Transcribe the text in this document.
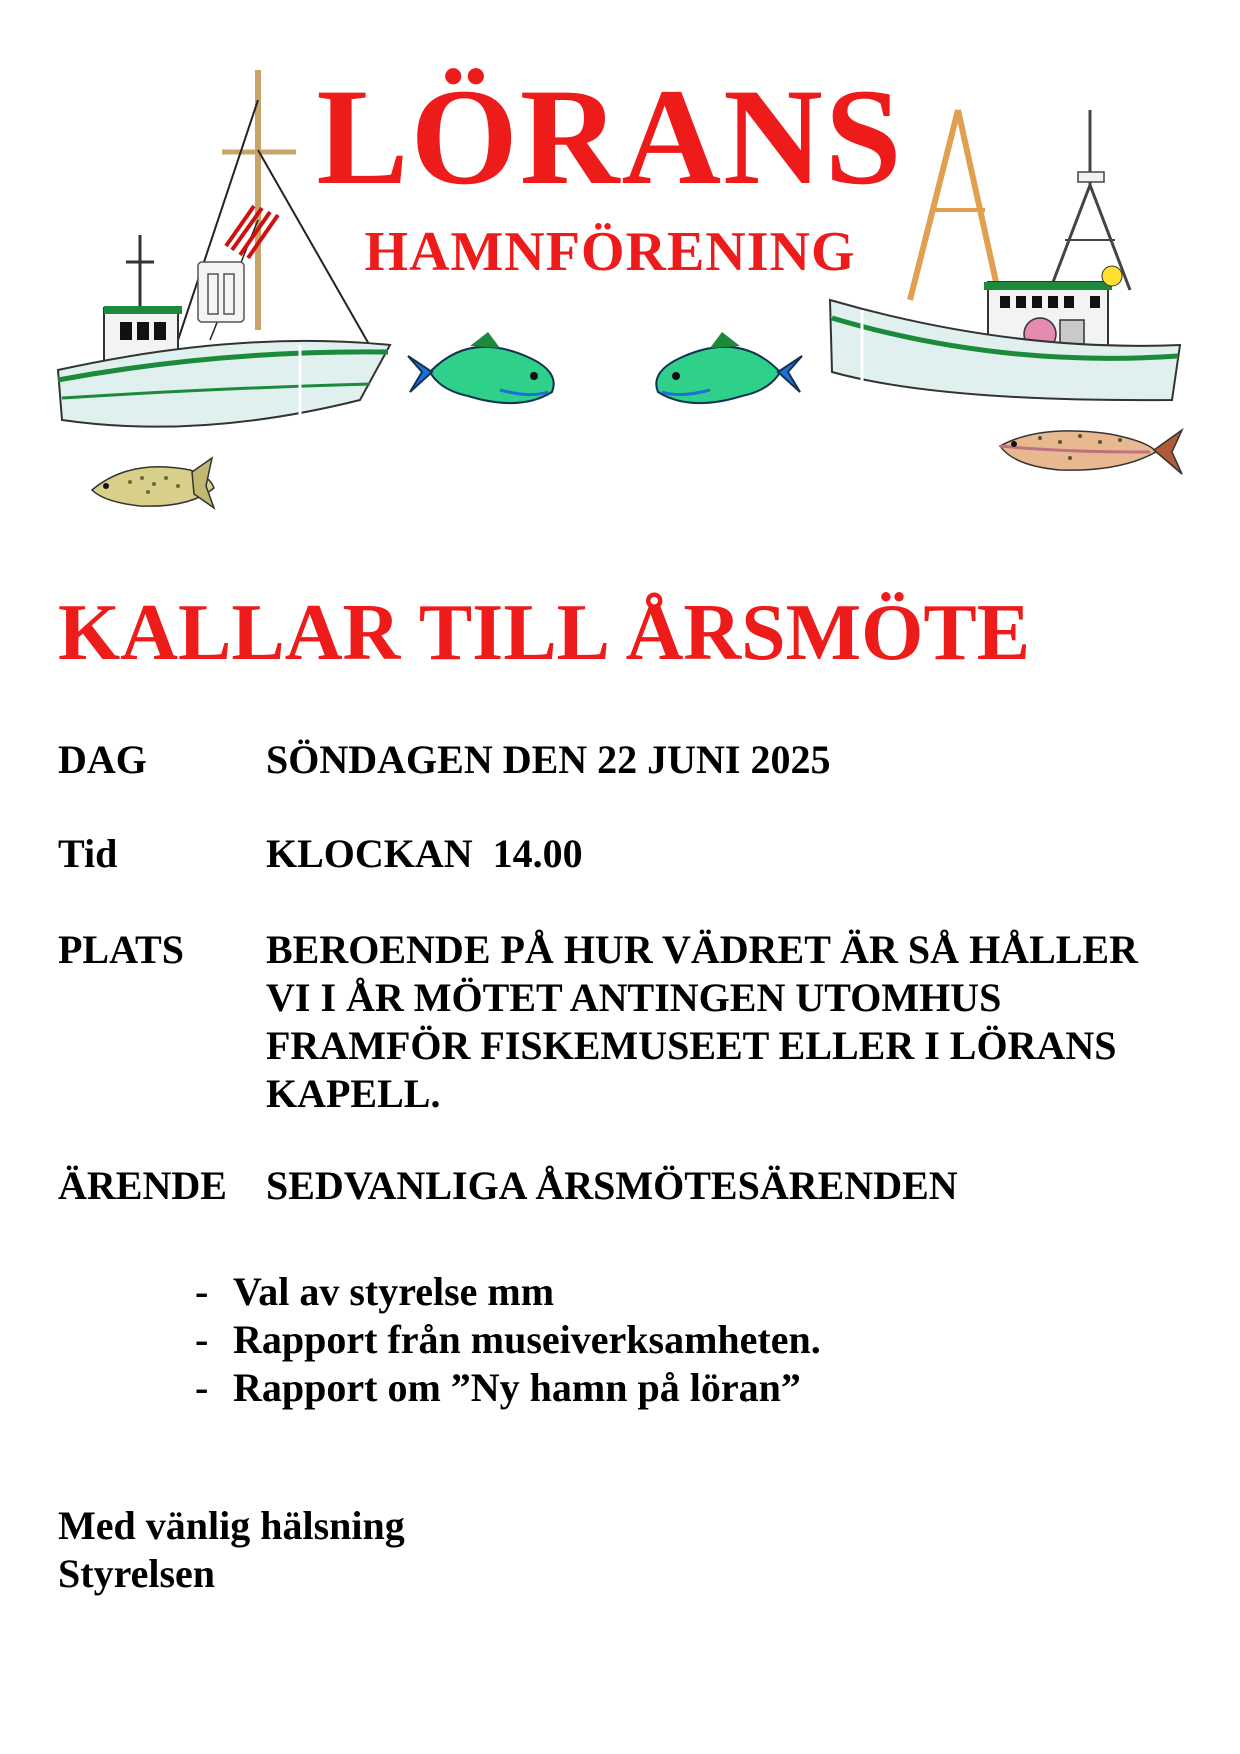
LÖRANS
HAMNFÖRENING
KALLAR TILL ÅRSMÖTE
DAG	SÖNDAGEN DEN 22 JUNI 2025
Tid	KLOCKAN  14.00
PLATS BEROENDE PÅ HUR VÄDRET ÄR SÅ HÅLLER
VI I ÅR MÖTET ANTINGEN UTOMHUS
FRAMFÖR FISKEMUSEET ELLER I LÖRANS
KAPELL.
ÄRENDE SEDVANLIGA ÅRSMÖTESÄRENDEN
- Val av styrelse mm
- Rapport från museiverksamheten.
- Rapport om ”Ny hamn på löran”
Med vänlig hälsning
Styrelsen
